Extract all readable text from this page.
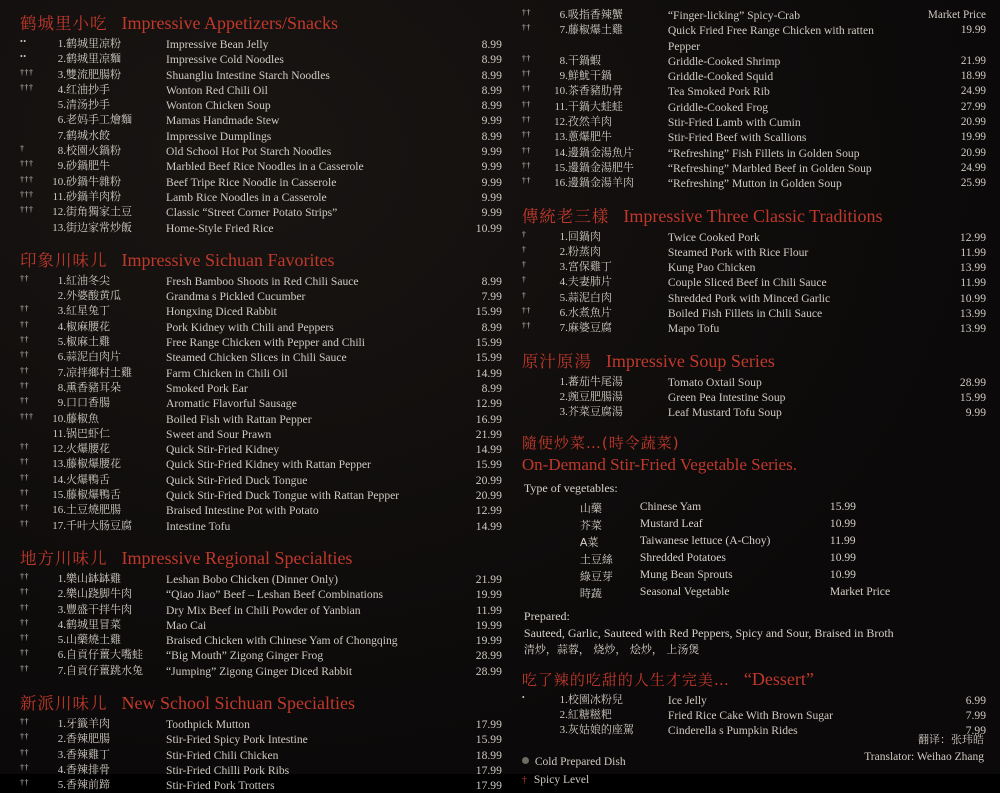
鹤城里小吃 Impressive Appetizers/Snacks
••	1.	鹤城里凉粉	Impressive Bean Jelly	8.99
••	2.	鹤城里凉麵	Impressive Cold Noodles	8.99
†††	3.	雙流肥腸粉	Shuangliu Intestine Starch Noodles	8.99
†††	4.	红油抄手	Wonton Red Chili Oil	8.99
	5.	清汤抄手	Wonton Chicken Soup	8.99
	6.	老妈手工燴麵	Mamas Handmade Stew	9.99
	7.	鹤城水餃	Impressive Dumplings	8.99
†	8.	校園火鍋粉	Old School Hot Pot Starch Noodles	9.99
†††	9.	砂鍋肥牛	Marbled Beef Rice Noodles in a Casserole	9.99
†††	10.	砂鍋牛雜粉	Beef Tripe Rice Noodle in Casserole	9.99
†††	11.	砂鍋羊肉粉	Lamb Rice Noodles in a Casserole	9.99
†††	12.	街角獨家土豆	Classic “Street Corner Potato Strips”	9.99
	13.	街边家常炒飯	Home-Style Fried Rice	10.99
印象川味儿 Impressive Sichuan Favorites
††	1.	紅油冬尖	Fresh Bamboo Shoots in Red Chili Sauce	8.99
	2.	外婆酸黄瓜	Grandma s Pickled Cucumber	7.99
††	3.	紅星兔丁	Hongxing Diced Rabbit	15.99
††	4.	椒麻腰花	Pork Kidney with Chili and Peppers	8.99
††	5.	椒麻土雞	Free Range Chicken with Pepper and Chili	15.99
††	6.	蒜泥白肉片	Steamed Chicken Slices in Chili Sauce	15.99
††	7.	凉拌鄉村土雞	Farm Chicken in Chili Oil	14.99
††	8.	熏香豬耳朵	Smoked Pork Ear	8.99
††	9.	口口香腸	Aromatic Flavorful Sausage	12.99
†††	10.	藤椒魚	Boiled Fish with Rattan Pepper	16.99
	11.	锅巴虾仁	Sweet and Sour Prawn	21.99
††	12.	火爆腰花	Quick Stir-Fried Kidney	14.99
††	13.	藤椒爆腰花	Quick Stir-Fried Kidney with Rattan Pepper	15.99
††	14.	火爆鴨舌	Quick Stir-Fried Duck Tongue	20.99
††	15.	藤椒爆鴨舌	Quick Stir-Fried Duck Tongue with Rattan Pepper	20.99
††	16.	土豆燒肥腸	Braised Intestine Pot with Potato	12.99
††	17.	千叶大肠豆腐	Intestine Tofu	14.99
地方川味儿 Impressive Regional Specialties
††	1.	樂山缽缽雞	Leshan Bobo Chicken (Dinner Only)	21.99
††	2.	樂山跷脚牛肉	“Qiao Jiao” Beef – Leshan Beef Combinations	19.99
††	3.	豐盛干拌牛肉	Dry Mix Beef in Chili Powder of Yanbian	11.99
††	4.	鹤城里冒菜	Mao Cai	19.99
††	5.	山藥燒土雞	Braised Chicken with Chinese Yam of Chongqing	19.99
††	6.	自貢仔薑大嘴蛙	“Big Mouth” Zigong Ginger Frog	28.99
††	7.	自貢仔薑跳水兔	“Jumping” Zigong Ginger Diced Rabbit	28.99
新派川味儿 New School Sichuan Specialties
††	1.	牙籤羊肉	Toothpick Mutton	17.99
††	2.	香辣肥腸	Stir-Fried Spicy Pork Intestine	15.99
††	3.	香辣雞丁	Stir-Fried Chili Chicken	18.99
††	4.	香辣排骨	Stir-Fried Chilli Pork Ribs	17.99
††	5.	香辣前蹄	Stir-Fried Pork Trotters	17.99
††	6.	吸指香辣蟹	“Finger-licking” Spicy-Crab	Market Price
††	7.	藤椒爆土雞	Quick Fried Free Range Chicken with ratten Pepper	19.99
††	8.	干鍋蝦	Griddle-Cooked Shrimp	21.99
††	9.	鮮魷干鍋	Griddle-Cooked Squid	18.99
††	10.	茶香豬肋骨	Tea Smoked Pork Rib	24.99
††	11.	干鍋大蛙蛙	Griddle-Cooked Frog	27.99
††	12.	孜然羊肉	Stir-Fried Lamb with Cumin	20.99
††	13.	蔥爆肥牛	Stir-Fried Beef with Scallions	19.99
††	14.	邊鍋金湯魚片	“Refreshing” Fish Fillets in Golden Soup	20.99
††	15.	邊鍋金湯肥牛	“Refreshing” Marbled Beef in Golden Soup	24.99
††	16.	邊鍋金湯羊肉	“Refreshing” Mutton in Golden Soup	25.99
傳統老三樣 Impressive Three Classic Traditions
†	1.	回鍋肉	Twice Cooked Pork	12.99
†	2.	粉蒸肉	Steamed Pork with Rice Flour	11.99
†	3.	宮保雞丁	Kung Pao Chicken	13.99
†	4.	夫妻肺片	Couple Sliced Beef in Chili Sauce	11.99
†	5.	蒜泥白肉	Shredded Pork with Minced Garlic	10.99
††	6.	水煮魚片	Boiled Fish Fillets in Chili Sauce	13.99
††	7.	麻婆豆腐	Mapo Tofu	13.99
原汁原湯 Impressive Soup Series
	1.	蕃茄牛尾湯	Tomato Oxtail Soup	28.99
	2.	豌豆肥腸湯	Green Pea Intestine Soup	15.99
	3.	芥菜豆腐湯	Leaf Mustard Tofu Soup	9.99
隨便炒菜…(時令蔬菜)
On-Demand Stir-Fried Vegetable Series.
Type of vegetables:
山藥	Chinese Yam	15.99
芥菜	Mustard Leaf	10.99
A菜	Taiwanese lettuce (A-Choy)	11.99
土豆絲	Shredded Potatoes	10.99
綠豆芽	Mung Bean Sprouts	10.99
時蔬	Seasonal Vegetable	Market Price
Prepared:
Sauteed, Garlic, Sauteed with Red Peppers, Spicy and Sour, Braised in Broth
清炒，蒜蓉， 烧炒， 烩炒， 上汤煲
吃了辣的吃甜的人生才完美… “Dessert”
•	1.	校園冰粉兒	Ice Jelly	6.99
	2.	紅糖糍粑	Fried Rice Cake With Brown Sugar	7.99
	3.	灰姑娘的座駕	Cinderella s Pumpkin Rides	7.99
Cold Prepared Dish
† Spicy Level
翻译：张玮皓
Translator: Weihao Zhang
